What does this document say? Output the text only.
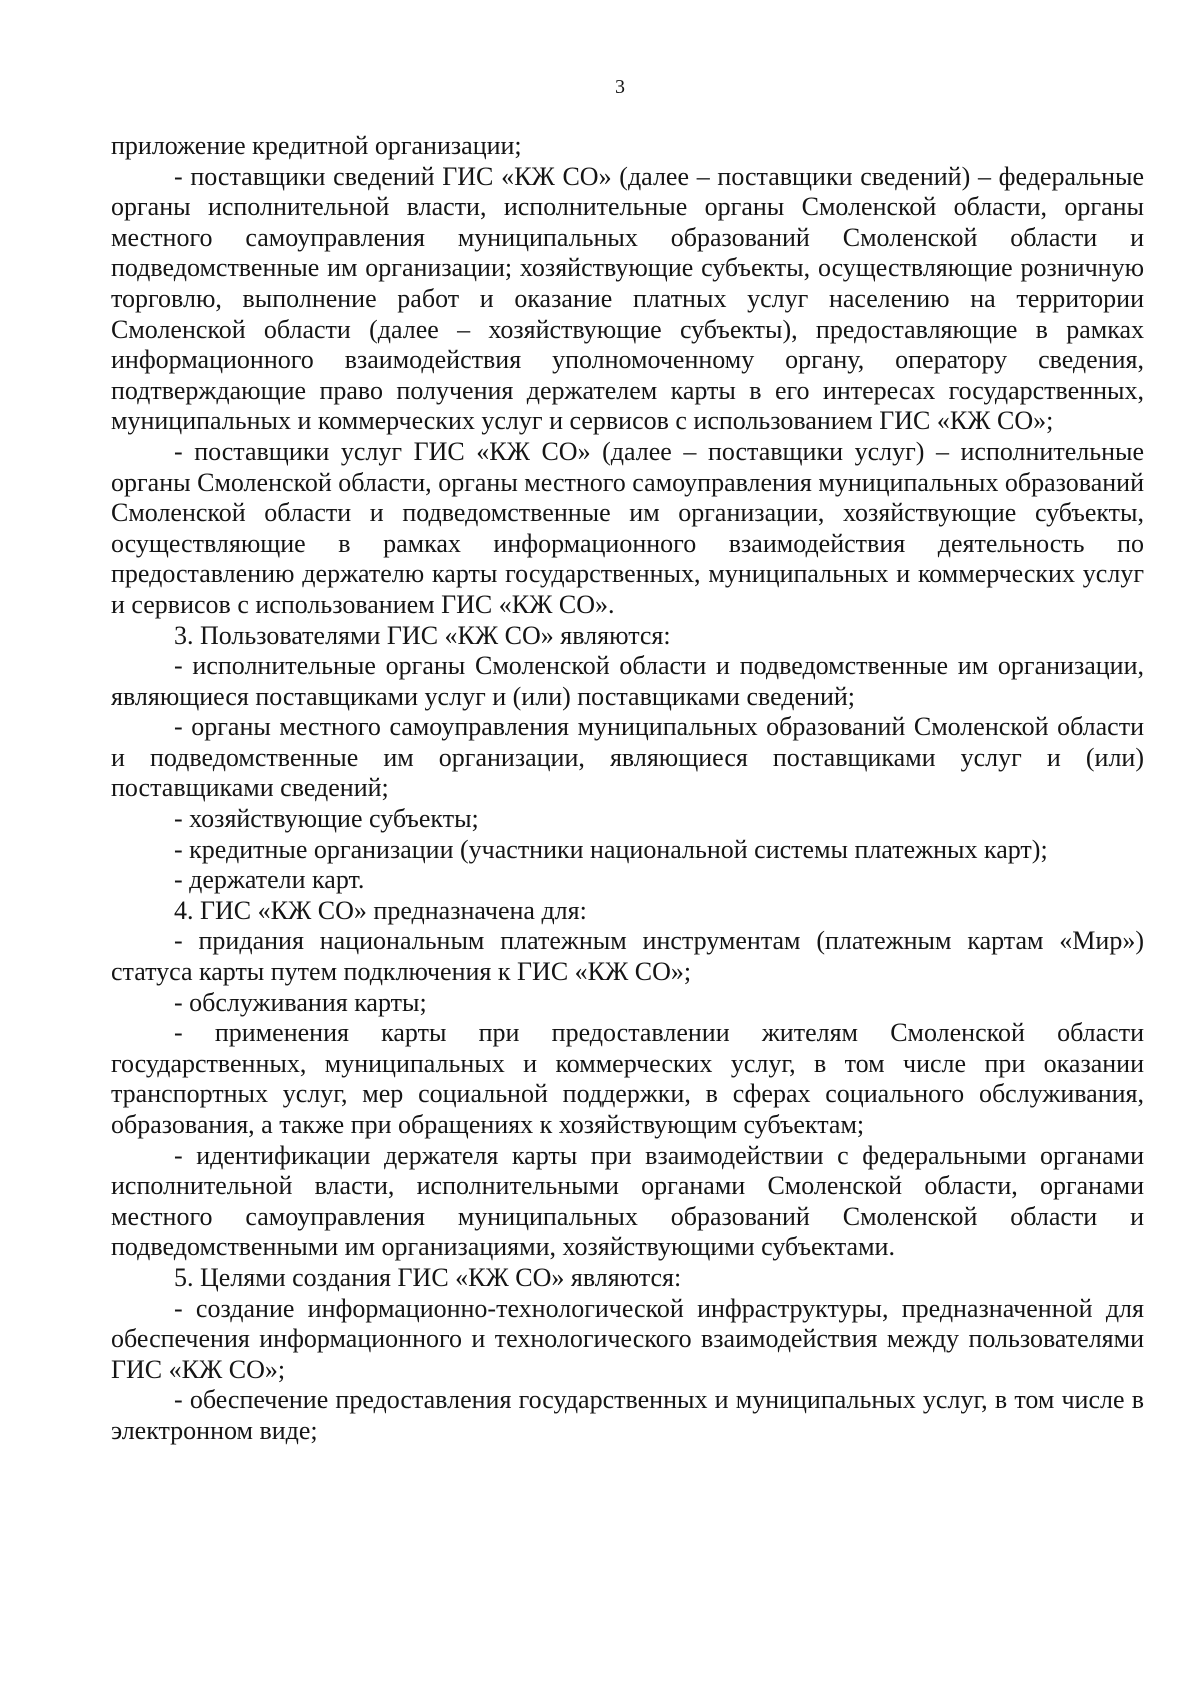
3

приложение кредитной организации;

- поставщики сведений ГИС «КЖ СО» (далее – поставщики сведений) – федеральные органы исполнительной власти, исполнительные органы Смоленской области, органы местного самоуправления муниципальных образований Смоленской области и подведомственные им организации; хозяйствующие субъекты, осуществляющие розничную торговлю, выполнение работ и оказание платных услуг населению на территории Смоленской области (далее – хозяйствующие субъекты), предоставляющие в рамках информационного взаимодействия уполномоченному органу, оператору сведения, подтверждающие право получения держателем карты в его интересах государственных, муниципальных и коммерческих услуг и сервисов с использованием ГИС «КЖ СО»;

- поставщики услуг ГИС «КЖ СО» (далее – поставщики услуг) – исполнительные органы Смоленской области, органы местного самоуправления муниципальных образований Смоленской области и подведомственные им организации, хозяйствующие субъекты, осуществляющие в рамках информационного взаимодействия деятельность по предоставлению держателю карты государственных, муниципальных и коммерческих услуг и сервисов с использованием ГИС «КЖ СО».

3. Пользователями ГИС «КЖ СО» являются:

- исполнительные органы Смоленской области и подведомственные им организации, являющиеся поставщиками услуг и (или) поставщиками сведений;

- органы местного самоуправления муниципальных образований Смоленской области и подведомственные им организации, являющиеся поставщиками услуг и (или) поставщиками сведений;

- хозяйствующие субъекты;

- кредитные организации (участники национальной системы платежных карт);

- держатели карт.

4. ГИС «КЖ СО» предназначена для:

- придания национальным платежным инструментам (платежным картам «Мир») статуса карты путем подключения к ГИС «КЖ СО»;

- обслуживания карты;

- применения карты при предоставлении жителям Смоленской области государственных, муниципальных и коммерческих услуг, в том числе при оказании транспортных услуг, мер социальной поддержки, в сферах социального обслуживания, образования, а также при обращениях к хозяйствующим субъектам;

- идентификации держателя карты при взаимодействии с федеральными органами исполнительной власти, исполнительными органами Смоленской области, органами местного самоуправления муниципальных образований Смоленской области и подведомственными им организациями, хозяйствующими субъектами.

5. Целями создания ГИС «КЖ СО» являются:

- создание информационно-технологической инфраструктуры, предназначенной для обеспечения информационного и технологического взаимодействия между пользователями ГИС «КЖ СО»;

- обеспечение предоставления государственных и муниципальных услуг, в том числе в электронном виде;
